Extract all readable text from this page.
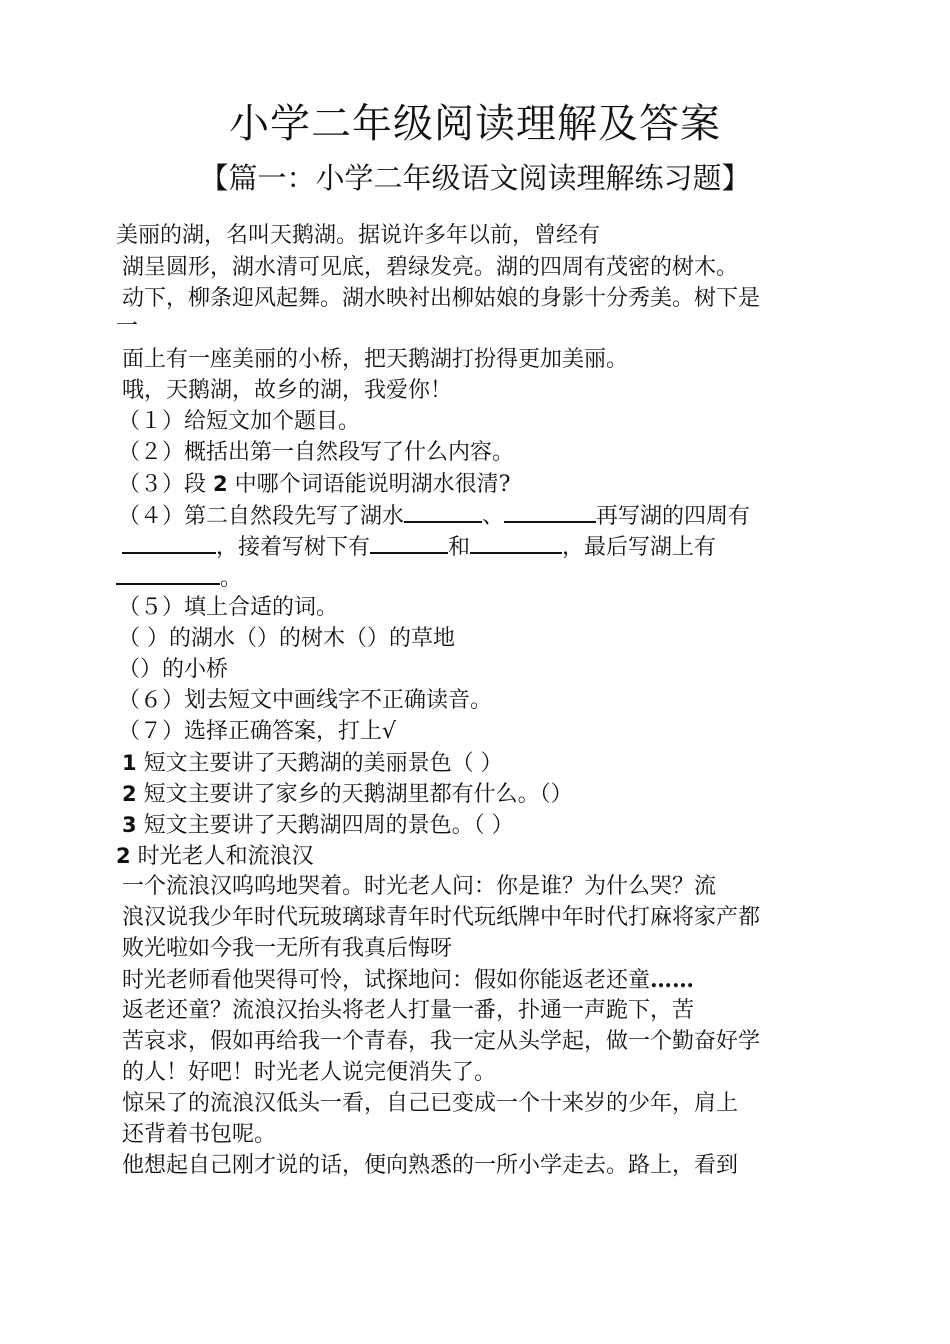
小学二年级阅读理解及答案
【篇一：小学二年级语文阅读理解练习题】
美丽的湖，名叫天鹅湖。据说许多年以前，曾经有
湖呈圆形，湖水清可见底，碧绿发亮。湖的四周有茂密的树木。
动下，柳条迎风起舞。湖水映衬出柳姑娘的身影十分秀美。树下是
一
面上有一座美丽的小桥，把天鹅湖打扮得更加美丽。
哦，天鹅湖，故乡的湖，我爱你！
（１）给短文加个题目。
（２）概括出第一自然段写了什么内容。
（３）段 2 中哪个词语能说明湖水很清?
（４）第二自然段先写了湖水	、	再写湖的四周有
，接着写树下有	和	，最后写湖上有
。
（５）填上合适的词。
（ ）的湖水（）的树木（）的草地
（）的小桥
（６）划去短文中画线字不正确读音。
（７）选择正确答案，打上√
1 短文主要讲了天鹅湖的美丽景色（ ）
2 短文主要讲了家乡的天鹅湖里都有什么。（）
3 短文主要讲了天鹅湖四周的景色。（ ）
2 时光老人和流浪汉
一个流浪汉呜呜地哭着。时光老人问：你是谁？为什么哭？流
浪汉说我少年时代玩玻璃球青年时代玩纸牌中年时代打麻将家产都
败光啦如今我一无所有我真后悔呀
时光老师看他哭得可怜，试探地问：假如你能返老还童……
返老还童？流浪汉抬头将老人打量一番，扑通一声跪下，苦
苦哀求，假如再给我一个青春，我一定从头学起，做一个勤奋好学
的人！好吧！时光老人说完便消失了。
惊呆了的流浪汉低头一看，自己已变成一个十来岁的少年，肩上
还背着书包呢。
他想起自己刚才说的话，便向熟悉的一所小学走去。路上，看到
